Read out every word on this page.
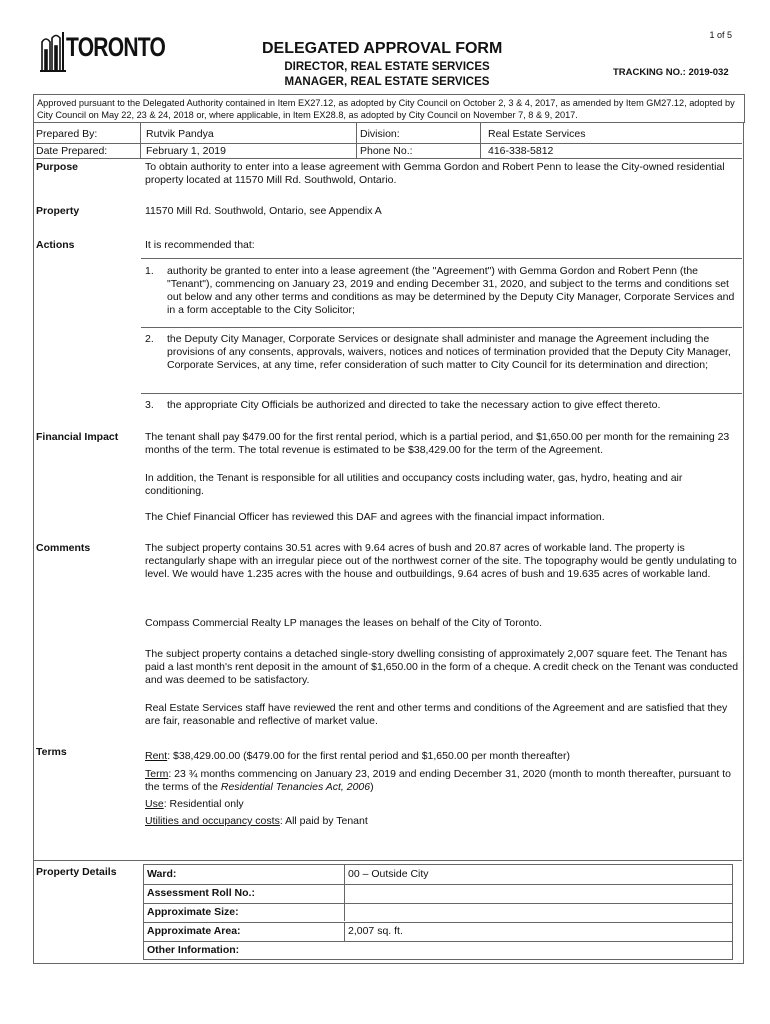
1 of 5
TORONTO	DELEGATED APPROVAL FORM
DIRECTOR, REAL ESTATE SERVICES
MANAGER, REAL ESTATE SERVICES
TRACKING NO.: 2019-032
Approved pursuant to the Delegated Authority contained in Item EX27.12, as adopted by City Council on October 2, 3 & 4, 2017, as amended by Item GM27.12, adopted by City Council on May 22, 23 & 24, 2018 or, where applicable, in Item EX28.8, as adopted by City Council on November 7, 8 & 9, 2017.
Prepared By:	Rutvik Pandya	Division:	Real Estate Services
Date Prepared:	February 1, 2019	Phone No.:	416-338-5812
Purpose	To obtain authority to enter into a lease agreement with Gemma Gordon and Robert Penn to lease the City-owned residential property located at 11570 Mill Rd. Southwold, Ontario.
Property	11570 Mill Rd. Southwold, Ontario, see Appendix A
Actions	It is recommended that:
1. authority be granted to enter into a lease agreement (the "Agreement") with Gemma Gordon and Robert Penn (the "Tenant"), commencing on January 23, 2019 and ending December 31, 2020, and subject to the terms and conditions set out below and any other terms and conditions as may be determined by the Deputy City Manager, Corporate Services and in a form acceptable to the City Solicitor;
2. the Deputy City Manager, Corporate Services or designate shall administer and manage the Agreement including the provisions of any consents, approvals, waivers, notices and notices of termination provided that the Deputy City Manager, Corporate Services, at any time, refer consideration of such matter to City Council for its determination and direction;
3. the appropriate City Officials be authorized and directed to take the necessary action to give effect thereto.
Financial Impact	The tenant shall pay $479.00 for the first rental period, which is a partial period, and $1,650.00 per month for the remaining 23 months of the term. The total revenue is estimated to be $38,429.00 for the term of the Agreement.
In addition, the Tenant is responsible for all utilities and occupancy costs including water, gas, hydro, heating and air conditioning.
The Chief Financial Officer has reviewed this DAF and agrees with the financial impact information.
Comments	The subject property contains 30.51 acres with 9.64 acres of bush and 20.87 acres of workable land. The property is rectangularly shape with an irregular piece out of the northwest corner of the site. The topography would be gently undulating to level. We would have 1.235 acres with the house and outbuildings, 9.64 acres of bush and 19.635 acres of workable land.
Compass Commercial Realty LP manages the leases on behalf of the City of Toronto.
The subject property contains a detached single-story dwelling consisting of approximately 2,007 square feet. The Tenant has paid a last month's rent deposit in the amount of $1,650.00 in the form of a cheque. A credit check on the Tenant was conducted and was deemed to be satisfactory.
Real Estate Services staff have reviewed the rent and other terms and conditions of the Agreement and are satisfied that they are fair, reasonable and reflective of market value.
Terms	Rent: $38,429.00.00 ($479.00 for the first rental period and $1,650.00 per month thereafter)
Term: 23 ¾ months commencing on January 23, 2019 and ending December 31, 2020 (month to month thereafter, pursuant to the terms of the Residential Tenancies Act, 2006)
Use: Residential only
Utilities and occupancy costs: All paid by Tenant
Property Details	Ward:	00 – Outside City
Assessment Roll No.:
Approximate Size:
Approximate Area:	2,007 sq. ft.
Other Information:
